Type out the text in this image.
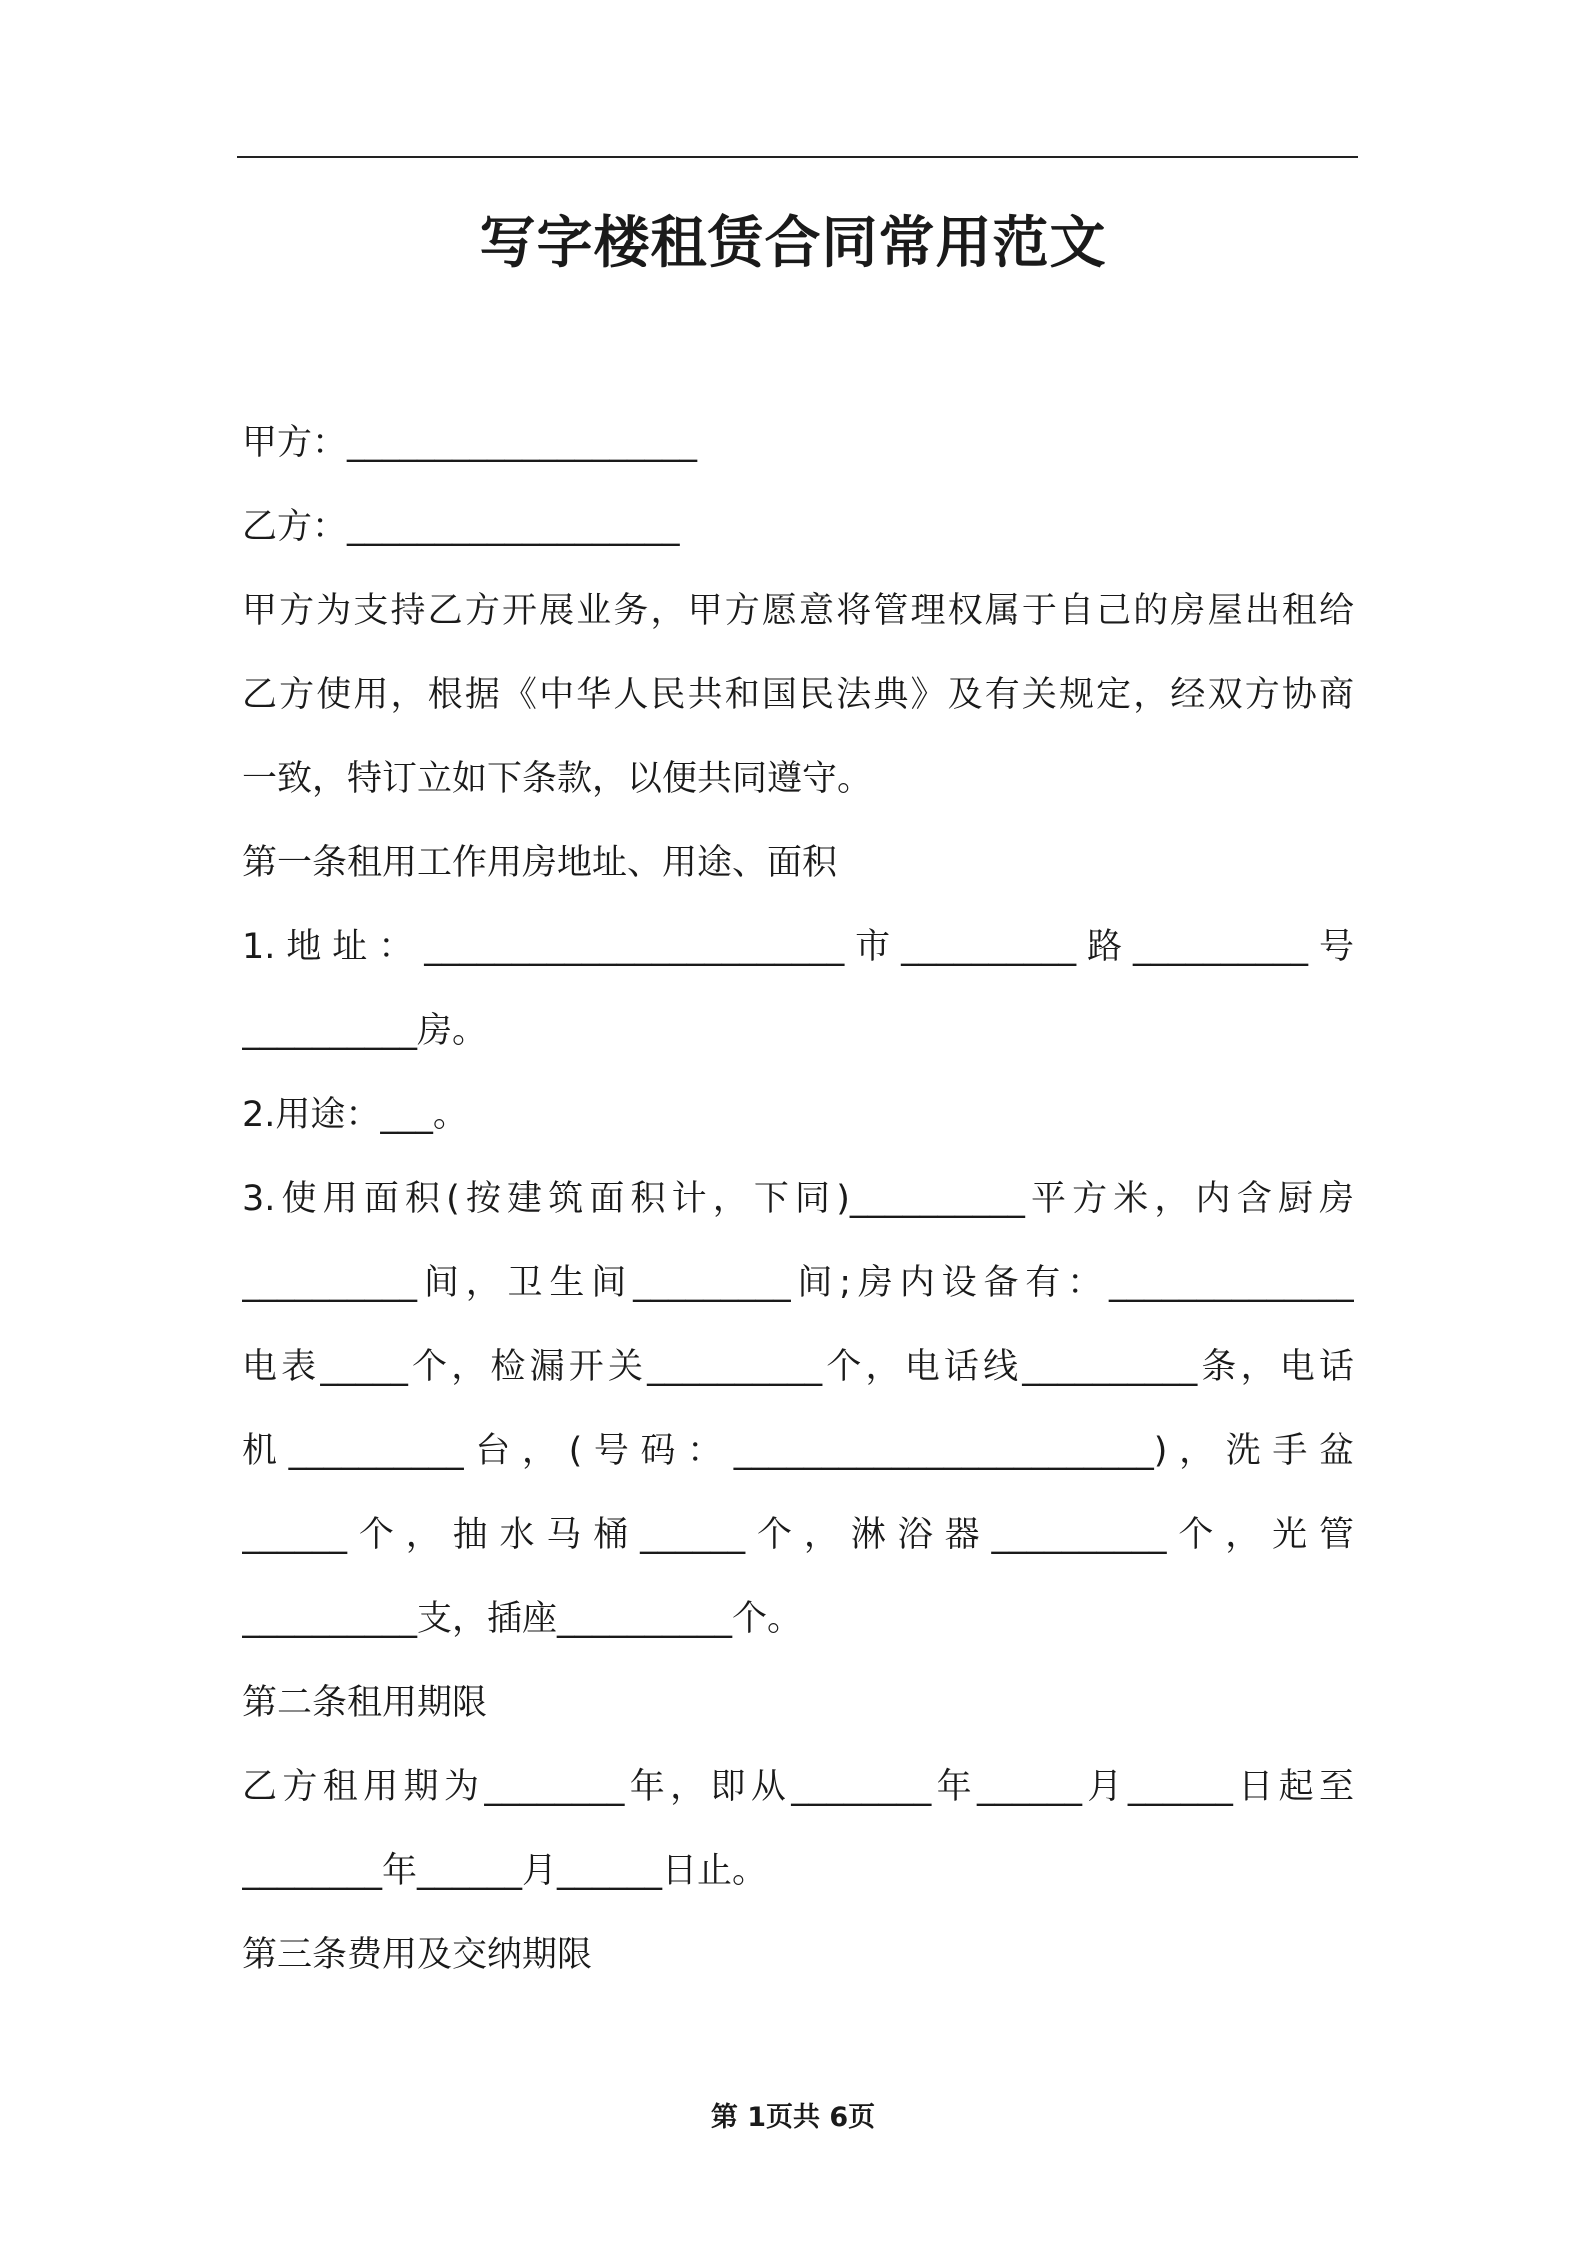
写字楼租赁合同常用范文
甲方：____________________
乙方：___________________
甲方为支持乙方开展业务，甲方愿意将管理权属于自己的房屋出租给
乙方使用，根据《中华人民共和国民法典》及有关规定，经双方协商
一致，特订立如下条款，以便共同遵守。
第一条租用工作用房地址、用途、面积
1.地址：________________________市__________路__________号
__________房。
2.用途：___。
3.使用面积(按建筑面积计，下同)__________平方米，内含厨房
__________间，卫生间_________间;房内设备有：______________
电表_____个，检漏开关__________个，电话线__________条，电话
机__________台，(号码：________________________)，洗手盆
______个，抽水马桶______个，淋浴器__________个，光管
__________支，插座__________个。
第二条租用期限
乙方租用期为________年，即从________年______月______日起至
________年______月______日止。
第三条费用及交纳期限
第 1页共 6页
